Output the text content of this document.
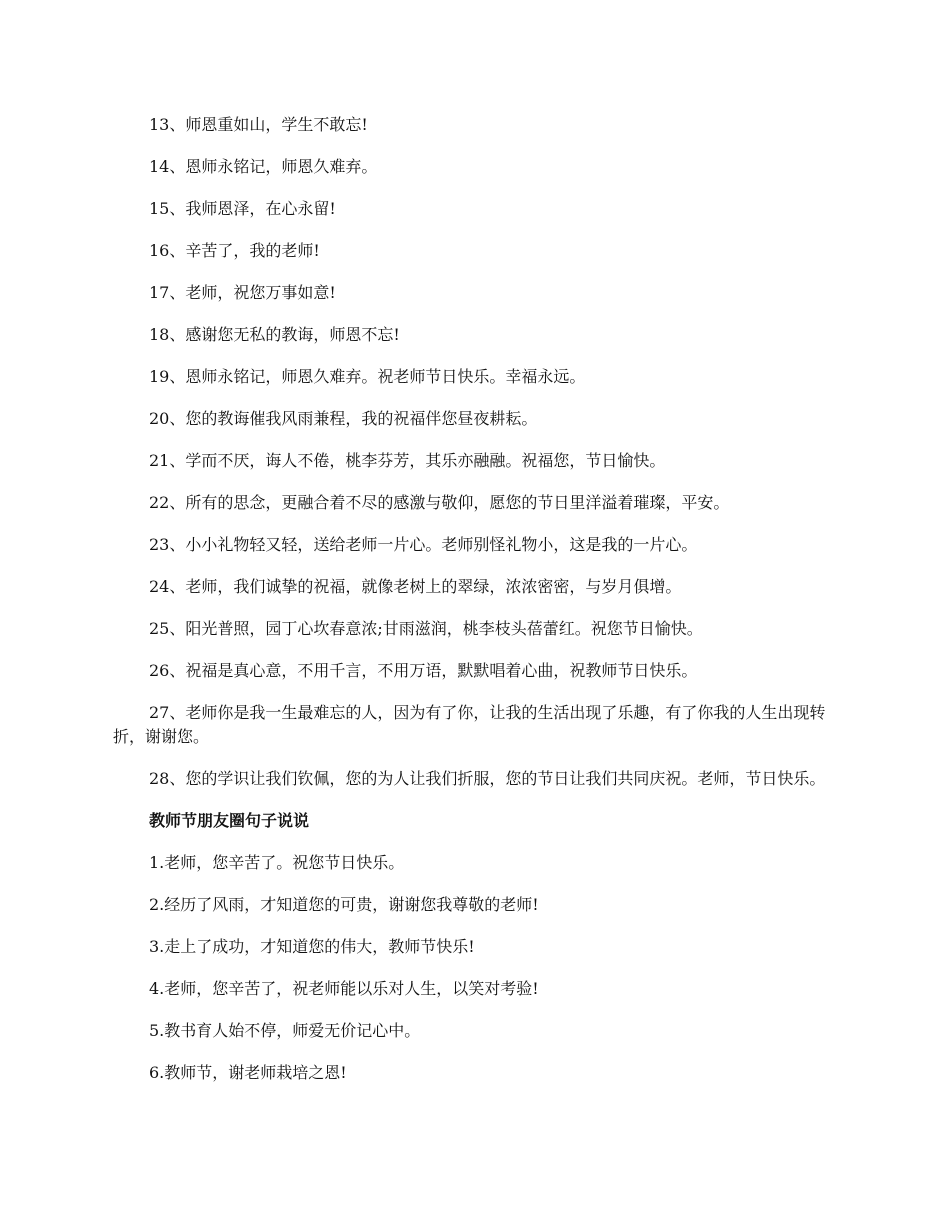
13、师恩重如山，学生不敢忘!

14、恩师永铭记，师恩久难弃。

15、我师恩泽，在心永留!

16、辛苦了，我的老师!

17、老师，祝您万事如意!

18、感谢您无私的教诲，师恩不忘!

19、恩师永铭记，师恩久难弃。祝老师节日快乐。幸福永远。

20、您的教诲催我风雨兼程，我的祝福伴您昼夜耕耘。

21、学而不厌，诲人不倦，桃李芬芳，其乐亦融融。祝福您，节日愉快。

22、所有的思念，更融合着不尽的感激与敬仰，愿您的节日里洋溢着璀璨，平安。

23、小小礼物轻又轻，送给老师一片心。老师别怪礼物小，这是我的一片心。

24、老师，我们诚挚的祝福，就像老树上的翠绿，浓浓密密，与岁月俱增。

25、阳光普照，园丁心坎春意浓;甘雨滋润，桃李枝头蓓蕾红。祝您节日愉快。

26、祝福是真心意，不用千言，不用万语，默默唱着心曲，祝教师节日快乐。

27、老师你是我一生最难忘的人，因为有了你，让我的生活出现了乐趣，有了你我的人生出现转折，谢谢您。

28、您的学识让我们钦佩，您的为人让我们折服，您的节日让我们共同庆祝。老师，节日快乐。

教师节朋友圈句子说说

1.老师，您辛苦了。祝您节日快乐。

2.经历了风雨，才知道您的可贵，谢谢您我尊敬的老师!

3.走上了成功，才知道您的伟大，教师节快乐!

4.老师，您辛苦了，祝老师能以乐对人生，以笑对考验!

5.教书育人始不停，师爱无价记心中。

6.教师节，谢老师栽培之恩!
